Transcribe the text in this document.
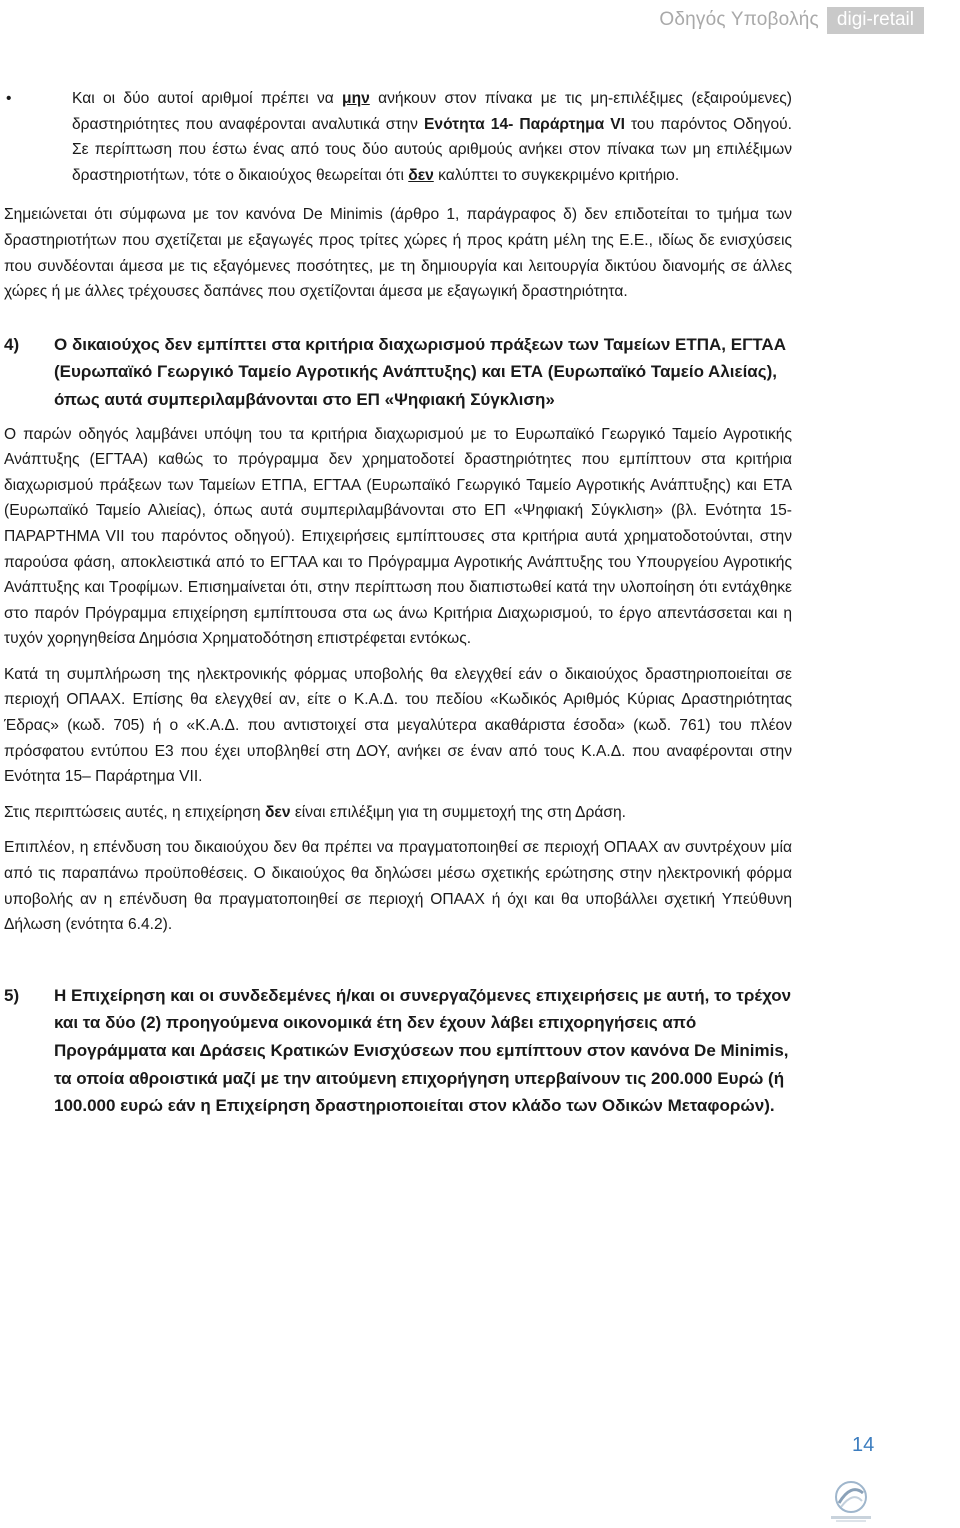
Οδηγός Υποβολής digi-retail
•	Και οι δύο αυτοί αριθμοί πρέπει να μην ανήκουν στον πίνακα με τις μη-επιλέξιμες (εξαιρούμενες) δραστηριότητες που αναφέρονται αναλυτικά στην Ενότητα 14- Παράρτημα VI του παρόντος Οδηγού. Σε περίπτωση που έστω ένας από τους δύο αυτούς αριθμούς ανήκει στον πίνακα των μη επιλέξιμων δραστηριοτήτων, τότε ο δικαιούχος θεωρείται ότι δεν καλύπτει το συγκεκριμένο κριτήριο.

Σημειώνεται ότι σύμφωνα με τον κανόνα De Minimis (άρθρο 1, παράγραφος δ) δεν επιδοτείται το τμήμα των δραστηριοτήτων που σχετίζεται με εξαγωγές προς τρίτες χώρες ή προς κράτη μέλη της Ε.Ε., ιδίως δε ενισχύσεις που συνδέονται άμεσα με τις εξαγόμενες ποσότητες, με τη δημιουργία και λειτουργία δικτύου διανομής σε άλλες χώρες ή με άλλες τρέχουσες δαπάνες που σχετίζονται άμεσα με εξαγωγική δραστηριότητα.

4)	Ο δικαιούχος δεν εμπίπτει στα κριτήρια διαχωρισμού πράξεων των Ταμείων ΕΤΠΑ, ΕΓΤΑΑ (Ευρωπαϊκό Γεωργικό Ταμείο Αγροτικής Ανάπτυξης) και ΕΤΑ (Ευρωπαϊκό Ταμείο Αλιείας), όπως αυτά συμπεριλαμβάνονται στο ΕΠ «Ψηφιακή Σύγκλιση»

Ο παρών οδηγός λαμβάνει υπόψη του τα κριτήρια διαχωρισμού με το Ευρωπαϊκό Γεωργικό Ταμείο Αγροτικής Ανάπτυξης (ΕΓΤΑΑ) καθώς το πρόγραμμα δεν χρηματοδοτεί δραστηριότητες που εμπίπτουν στα κριτήρια διαχωρισμού πράξεων των Ταμείων ΕΤΠΑ, ΕΓΤΑΑ (Ευρωπαϊκό Γεωργικό Ταμείο Αγροτικής Ανάπτυξης) και ΕΤΑ (Ευρωπαϊκό Ταμείο Αλιείας), όπως αυτά συμπεριλαμβάνονται στο ΕΠ «Ψηφιακή Σύγκλιση» (βλ. Ενότητα 15- ΠΑΡΑΡΤΗΜΑ VII του παρόντος οδηγού). Επιχειρήσεις εμπίπτουσες στα κριτήρια αυτά χρηματοδοτούνται, στην παρούσα φάση, αποκλειστικά από το ΕΓΤΑΑ και το Πρόγραμμα Αγροτικής Ανάπτυξης του Υπουργείου Αγροτικής Ανάπτυξης και Τροφίμων. Επισημαίνεται ότι, στην περίπτωση που διαπιστωθεί κατά την υλοποίηση ότι εντάχθηκε στο παρόν Πρόγραμμα επιχείρηση εμπίπτουσα στα ως άνω Κριτήρια Διαχωρισμού, το έργο απεντάσσεται και η τυχόν χορηγηθείσα Δημόσια Χρηματοδότηση επιστρέφεται εντόκως.

Κατά τη συμπλήρωση της ηλεκτρονικής φόρμας υποβολής θα ελεγχθεί εάν ο δικαιούχος δραστηριοποιείται σε περιοχή ΟΠΑΑΧ. Επίσης θα ελεγχθεί αν, είτε ο Κ.Α.Δ. του πεδίου «Κωδικός Αριθμός Κύριας Δραστηριότητας Έδρας» (κωδ. 705) ή ο «Κ.Α.Δ. που αντιστοιχεί στα μεγαλύτερα ακαθάριστα έσοδα» (κωδ. 761) του πλέον πρόσφατου εντύπου Ε3 που έχει υποβληθεί στη ΔΟΥ, ανήκει σε έναν από τους Κ.Α.Δ. που αναφέρονται στην Ενότητα 15– Παράρτημα VII.

Στις περιπτώσεις αυτές, η επιχείρηση δεν είναι επιλέξιμη για τη συμμετοχή της στη Δράση.

Επιπλέον, η επένδυση του δικαιούχου δεν θα πρέπει να πραγματοποιηθεί σε περιοχή ΟΠΑΑΧ αν συντρέχουν μία από τις παραπάνω προϋποθέσεις. Ο δικαιούχος θα δηλώσει μέσω σχετικής ερώτησης στην ηλεκτρονική φόρμα υποβολής αν η επένδυση θα πραγματοποιηθεί σε περιοχή ΟΠΑΑΧ ή όχι και θα υποβάλλει σχετική Υπεύθυνη Δήλωση (ενότητα 6.4.2).

5)	Η Επιχείρηση και οι συνδεδεμένες ή/και οι συνεργαζόμενες επιχειρήσεις με αυτή, το τρέχον και τα δύο (2) προηγούμενα οικονομικά έτη δεν έχουν λάβει επιχορηγήσεις από Προγράμματα και Δράσεις Κρατικών Ενισχύσεων που εμπίπτουν στον κανόνα De Minimis, τα οποία αθροιστικά μαζί με την αιτούμενη επιχορήγηση υπερβαίνουν τις 200.000 Ευρώ (ή 100.000 ευρώ εάν η Επιχείρηση δραστηριοποιείται στον κλάδο των Οδικών Μεταφορών).
14
